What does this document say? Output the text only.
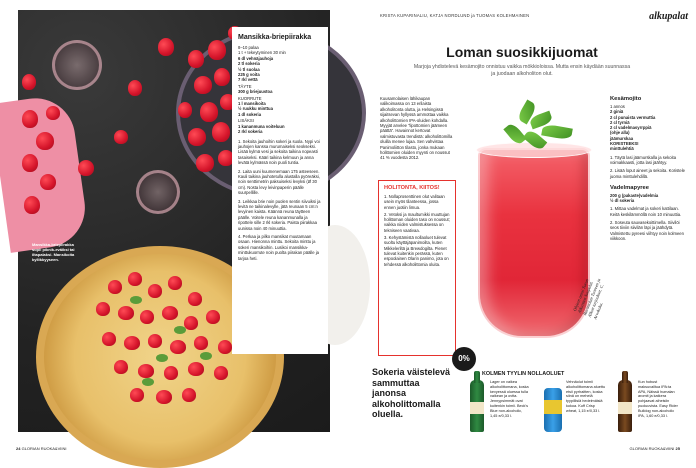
Mansikka-briepiirakka sopii piknik-eväiksi tai iltapalaksi. Mansikoita kyllikkyyseen.
Mansikka-briepiirakka
8–10 palaa
1 t + tekeytyminen 30 min
6 dl vehnäjauhoja
2 tl sokeria
½ tl suolaa
225 g voita
7 rkl vettä
TÄYTE
300 g briejuustoa
KUORRUTE
1 l mansikoita
½ ruukku minttua
1 dl sokeria
LISÄKSI
1 kananmuna voiteluun
2 rkl sokeria
1. Sekoita jauhoihin sokeri ja suola. Nypi voi jauhojen kanssa murumaiseksi seokseksi. Lisää kylmä vesi ja sekoita taikina nopeasti tasaiseksi. Kääri taikina kelmuun ja anna levätä kylmässä noin puoli tuntia.
2. Laita uuni kuumenemaan 175 asteeseen. Kauli taikina jauhotetulla alustalla pyöreäksi, noin senttimetrin paksuiseksi levyksi (Ø 30 cm). Nosta levy leivinpaperin päälle suurpellille.
3. Leikkaa brie noin puolen sentin siivuiksi ja levitä ne taikinalevylle, jätä reunaan 5 cm:n levyinen kaista. Käännä reuna täytteen päälle. Voitele reuna kananmunalla ja ripottele sille 2 rkl sokeria. Paista piirakkaa uunissa noin 40 minuuttia.
4. Perkaa ja pilko mansikat muutamaan osaan. Hienonna minttu. Sekoita minttu ja sokeri mansikoihin. Lusikoi mansikka-minttukuorrute noin puolta piirakan päälle ja tarjoa heti.
24 GLORIAN RUOKA&VIINI
KRISTA KUPARINALIU, KATJA NORDLUND ja TUOMAS KOLEHMAINEN	alkupalat
Loman suosikkijuomat
Marjoja yhdistelevä kesämojito onnistuu vaikka mökkioloissa. Mutta ensin käydään suunnassa ja juodaan alkoholiton olut.
Kuusamolaisen lähikaupan valikoimassa on 13 erilaista alkoholitonta olutta, ja Helsingissä sijaitsevan hyllyssä ammottaa vaikka alkoholittomien IPA-oluiden kohdalla. Myyjät arvelee “lipottomien jäämeen päättä”. Havainnot kertovat valmistuvasta trendistä: alkoholittomilla oluilla menee lujaa. Sen vahvistaa Panimoliitton tilasto, jonka mukaan holittomien oluiden myynti on noussut 41 % vuodesta 2012.
HOLITONTA, KIITOS!
1. Nollaprosenttinen olut valitaan usein myös tilanteessa, jossa ennen juotiin limua.
2. Vetoksi ja maultumikki muuttujan holittoman oluiden taso on noussut; vaikka niiden valmistuksessa on tekniseen vaativaa.
3. Kehystämistä nollaoluet tulevat suoltu käyttäjäpanimoilta, kuten Mikkeleriltä ja Brewdogilta. Pienet tulevat kuitenkin perässä, kuten espoolainen Olarin panimo, jota on tehdessä alkoholittomia oluita.
Ohjeen antoi Turun Aikuisten Suupalat. Ravintolan Tuoreen ja Alkon tarjoukset. C. Arvokuka.
Kesämojito
1 annos
2 giniä
2 cl punaista vermuttia
2 cl tyrniä
2 cl vadelmasyrrppiä
(ohje alla)
jäämurskaa
KORISTEEKSI
minttulehtiä
1. Täytä lasi jäämurskalla ja sekoita voimakkaasti, jotta lasi jäähtyy.
2. Lisää loput aineet ja sekoita. Koristele juoma minttulehdillä.
Vadelmapyree
200 g (pakaste)vadelmia
½ dl sokeria
1. Mittaa vadelmat ja sokeri kattilaan. Keitä keskilämmöllä noin 10 minuuttia.
2. Soseuta sauvasekoittimella. Siivilöi seos tiiviin siivilän läpi ja jäähdytä. Valmistettu pyreesi viihtyy noin kolmeen viikkoon.
Sokeria väistelevä sammuttaa janonsa alkoholittomalla oluella.
0%
KOLMEN TYYLIN NOLLAOLUET
Lager on vaikea alkoholittomana, koska kevyessä oluessa tulla vaikean ja ovtta. Jennypsimmät ovat kuitenkin toimii. Beck's Blue non-alcoholic, 1,45 e/0,33 l.
Vehnäolut toimii alkoholittomana aluettu etsii pyrhaitten, koska siinä on mehelä tyypillisiä hedelmäisiä kokoa. Kuff Crisp wheat, 1,15 e/0,33 l.
Kun hobust maksuvailtua IPA:ta APA, Näissä humalan aromit ja katkera pohjaavat aiheisiin puoluuvista. Easy Rider Bulldog non-alcoholic IPA, 1,60 e/0,33 l.
GLORIAN RUOKA&VIINI 25
